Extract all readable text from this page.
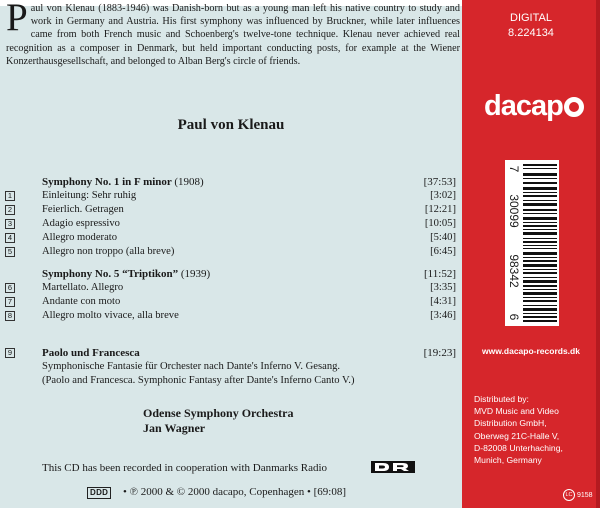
Paul von Klenau (1883-1946) was Danish-born but as a young man left his native country to study and work in Germany and Austria. His first symphony was influenced by Bruckner, while later influences came from both French music and Schoenberg's twelve-tone technique. Klenau never achieved real recognition as a composer in Denmark, but held important conducting posts, for example at the Wiener Konzerthausgesellschaft, and belonged to Alban Berg's circle of friends.

Paul von Klenau
Symphony No. 1 in F minor (1908)	[37:53]
1	Einleitung: Sehr ruhig	[3:02]
2	Feierlich. Getragen	[12:21]
3	Adagio espressivo	[10:05]
4	Allegro moderato	[5:40]
5	Allegro non troppo (alla breve)	[6:45]
Symphony No. 5 “Triptikon” (1939)	[11:52]
6	Martellato. Allegro	[3:35]
7	Andante con moto	[4:31]
8	Allegro molto vivace, alla breve	[3:46]
9	Paolo und Francesca	[19:23]
Symphonische Fantasie für Orchester nach Dante's Inferno V. Gesang.
(Paolo and Francesca. Symphonic Fantasy after Dante's Inferno Canto V.)
Odense Symphony Orchestra
Jan Wagner
This CD has been recorded in cooperation with Danmarks Radio
DDD • ℗ 2000 & © 2000 dacapo, Copenhagen • [69:08]
DIGITAL
8.224134
dacap
7
30099
98342
6
www.dacapo-records.dk
Distributed by:
MVD Music and Video
Distribution GmbH,
Oberweg 21C-Halle V,
D-82008 Unterhaching,
Munich, Germany
LC 9158
